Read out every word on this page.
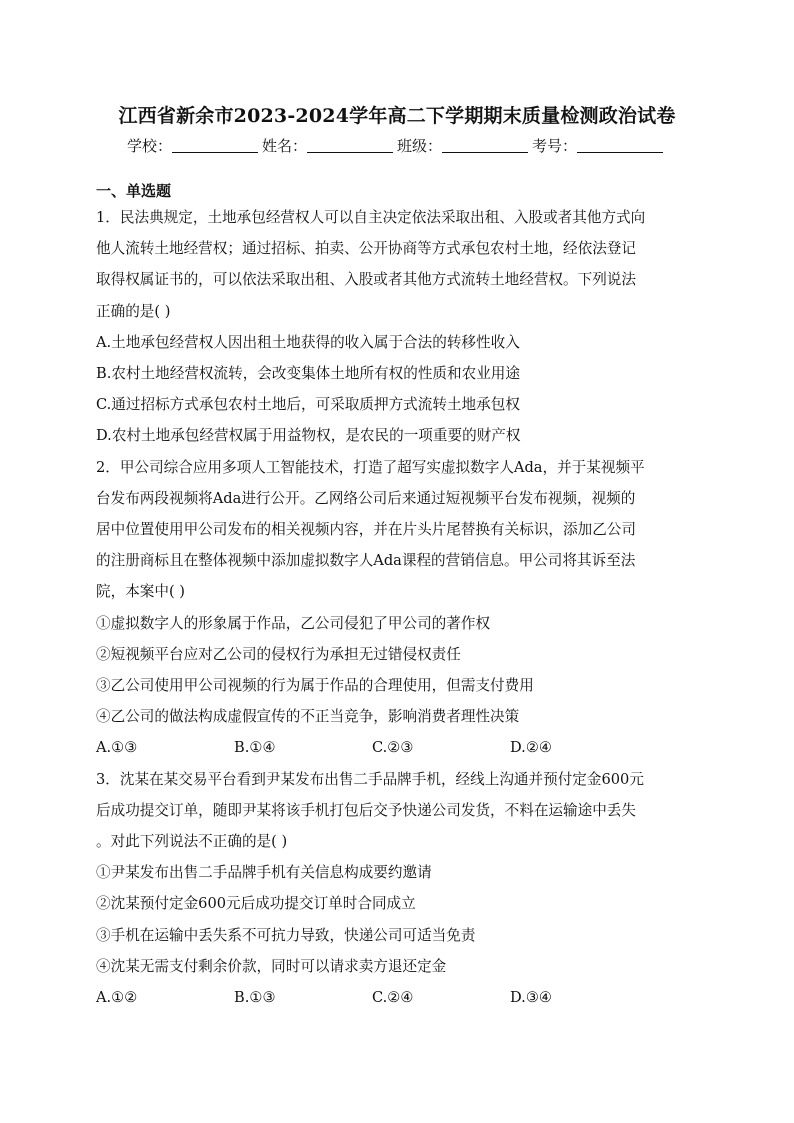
江西省新余市2023-2024学年高二下学期期末质量检测政治试卷
学校：	姓名：	班级：	考号：
一、单选题

1．民法典规定，土地承包经营权人可以自主决定依法采取出租、入股或者其他方式向

他人流转土地经营权；通过招标、拍卖、公开协商等方式承包农村土地，经依法登记

取得权属证书的，可以依法采取出租、入股或者其他方式流转土地经营权。下列说法

正确的是( )

A.土地承包经营权人因出租土地获得的收入属于合法的转移性收入

B.农村土地经营权流转，会改变集体土地所有权的性质和农业用途

C.通过招标方式承包农村土地后，可采取质押方式流转土地承包权

D.农村土地承包经营权属于用益物权，是农民的一项重要的财产权

2．甲公司综合应用多项人工智能技术，打造了超写实虚拟数字人Ada，并于某视频平

台发布两段视频将Ada进行公开。乙网络公司后来通过短视频平台发布视频，视频的

居中位置使用甲公司发布的相关视频内容，并在片头片尾替换有关标识，添加乙公司

的注册商标且在整体视频中添加虚拟数字人Ada课程的营销信息。甲公司将其诉至法

院，本案中( )

①虚拟数字人的形象属于作品，乙公司侵犯了甲公司的著作权

②短视频平台应对乙公司的侵权行为承担无过错侵权责任

③乙公司使用甲公司视频的行为属于作品的合理使用，但需支付费用

④乙公司的做法构成虚假宣传的不正当竞争，影响消费者理性决策

A.①③	B.①④	C.②③	D.②④

3．沈某在某交易平台看到尹某发布出售二手品牌手机，经线上沟通并预付定金600元

后成功提交订单，随即尹某将该手机打包后交予快递公司发货，不料在运输途中丢失

。对此下列说法不正确的是( )

①尹某发布出售二手品牌手机有关信息构成要约邀请

②沈某预付定金600元后成功提交订单时合同成立

③手机在运输中丢失系不可抗力导致，快递公司可适当免责

④沈某无需支付剩余价款，同时可以请求卖方退还定金

A.①②	B.①③	C.②④	D.③④
